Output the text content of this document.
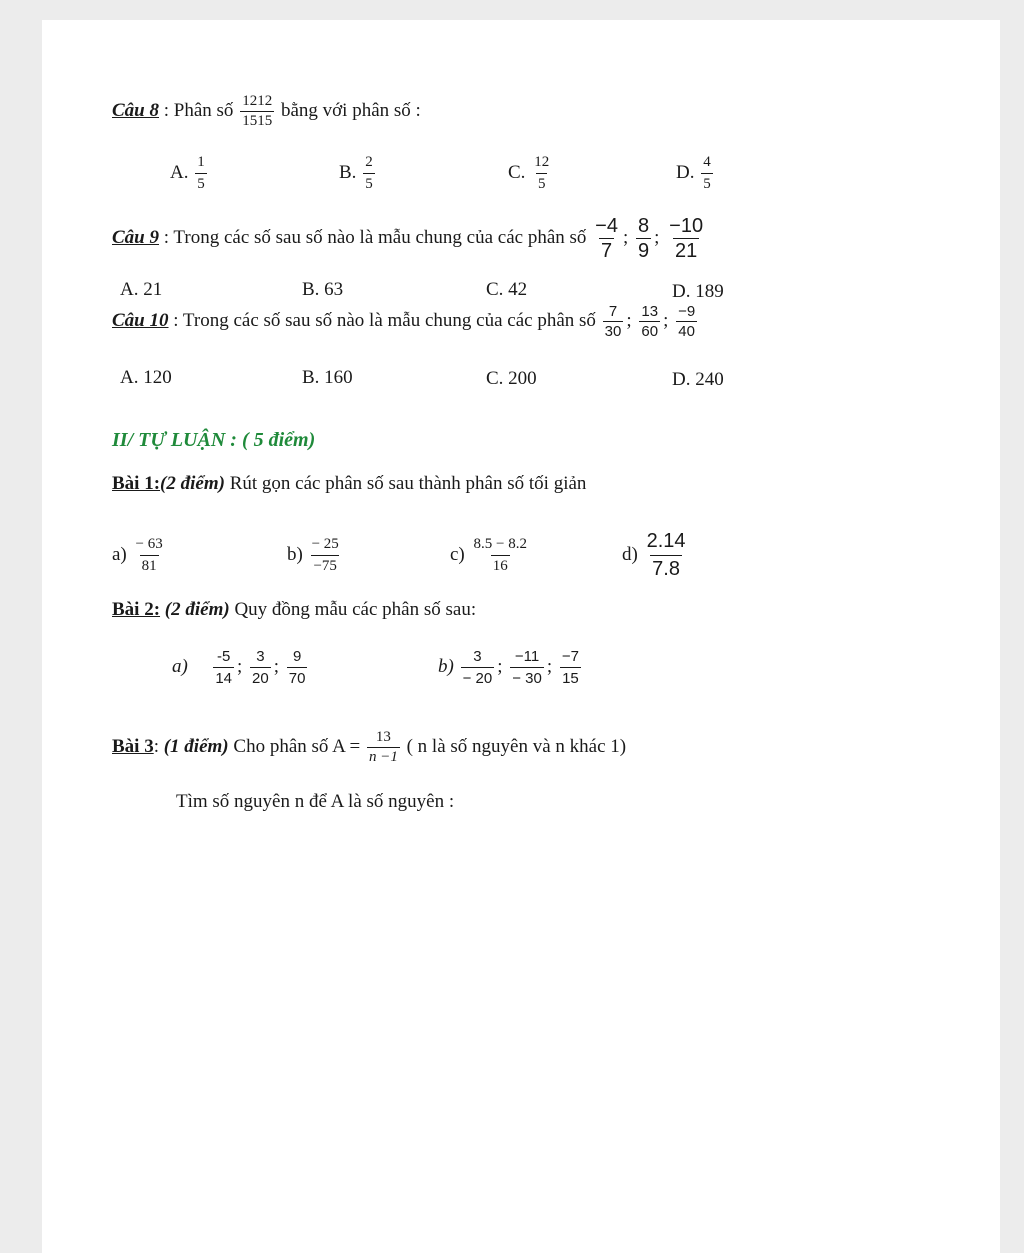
Câu 8 : Phân số $\frac{1212}{1515}$ bằng với phân số :
A. $\frac{1}{5}$	B. $\frac{2}{5}$	C. $\frac{12}{5}$	D. $\frac{4}{5}$
Câu 9 : Trong các số sau số nào là mẫu chung của các phân số $\frac{-4}{7}$ ; $\frac{8}{9}$ ; $\frac{-10}{21}$
A. 21	B. 63	C. 42	D. 189
Câu 10 : Trong các số sau số nào là mẫu chung của các phân số $\frac{7}{30}$ ; $\frac{13}{60}$ ; $\frac{-9}{40}$
A. 120	B. 160	C. 200	D. 240
II/ TỰ LUẬN : ( 5 điểm)
Bài 1:(2 điểm) Rút gọn các phân số sau thành phân số tối giản
$a) \frac{- 63}{81}$	$b) \frac{- 25}{-75}$	$c) \frac{8.5 - 8.2}{16}$	$d) \frac{2.14}{7.8}$
Bài 2: (2 điểm) Quy đồng mẫu các phân số sau:
$a) \frac{-5}{14}$ ; $\frac{3}{20}$ ; $\frac{9}{70}$	$b) \frac{3}{- 20}$ ; $\frac{-11}{- 30}$ ; $\frac{-7}{15}$
Bài 3: (1 điểm) Cho phân số $A = \frac{13}{n -1}$ ( n là số nguyên và n khác 1)
Tìm số nguyên n để A là số nguyên :
